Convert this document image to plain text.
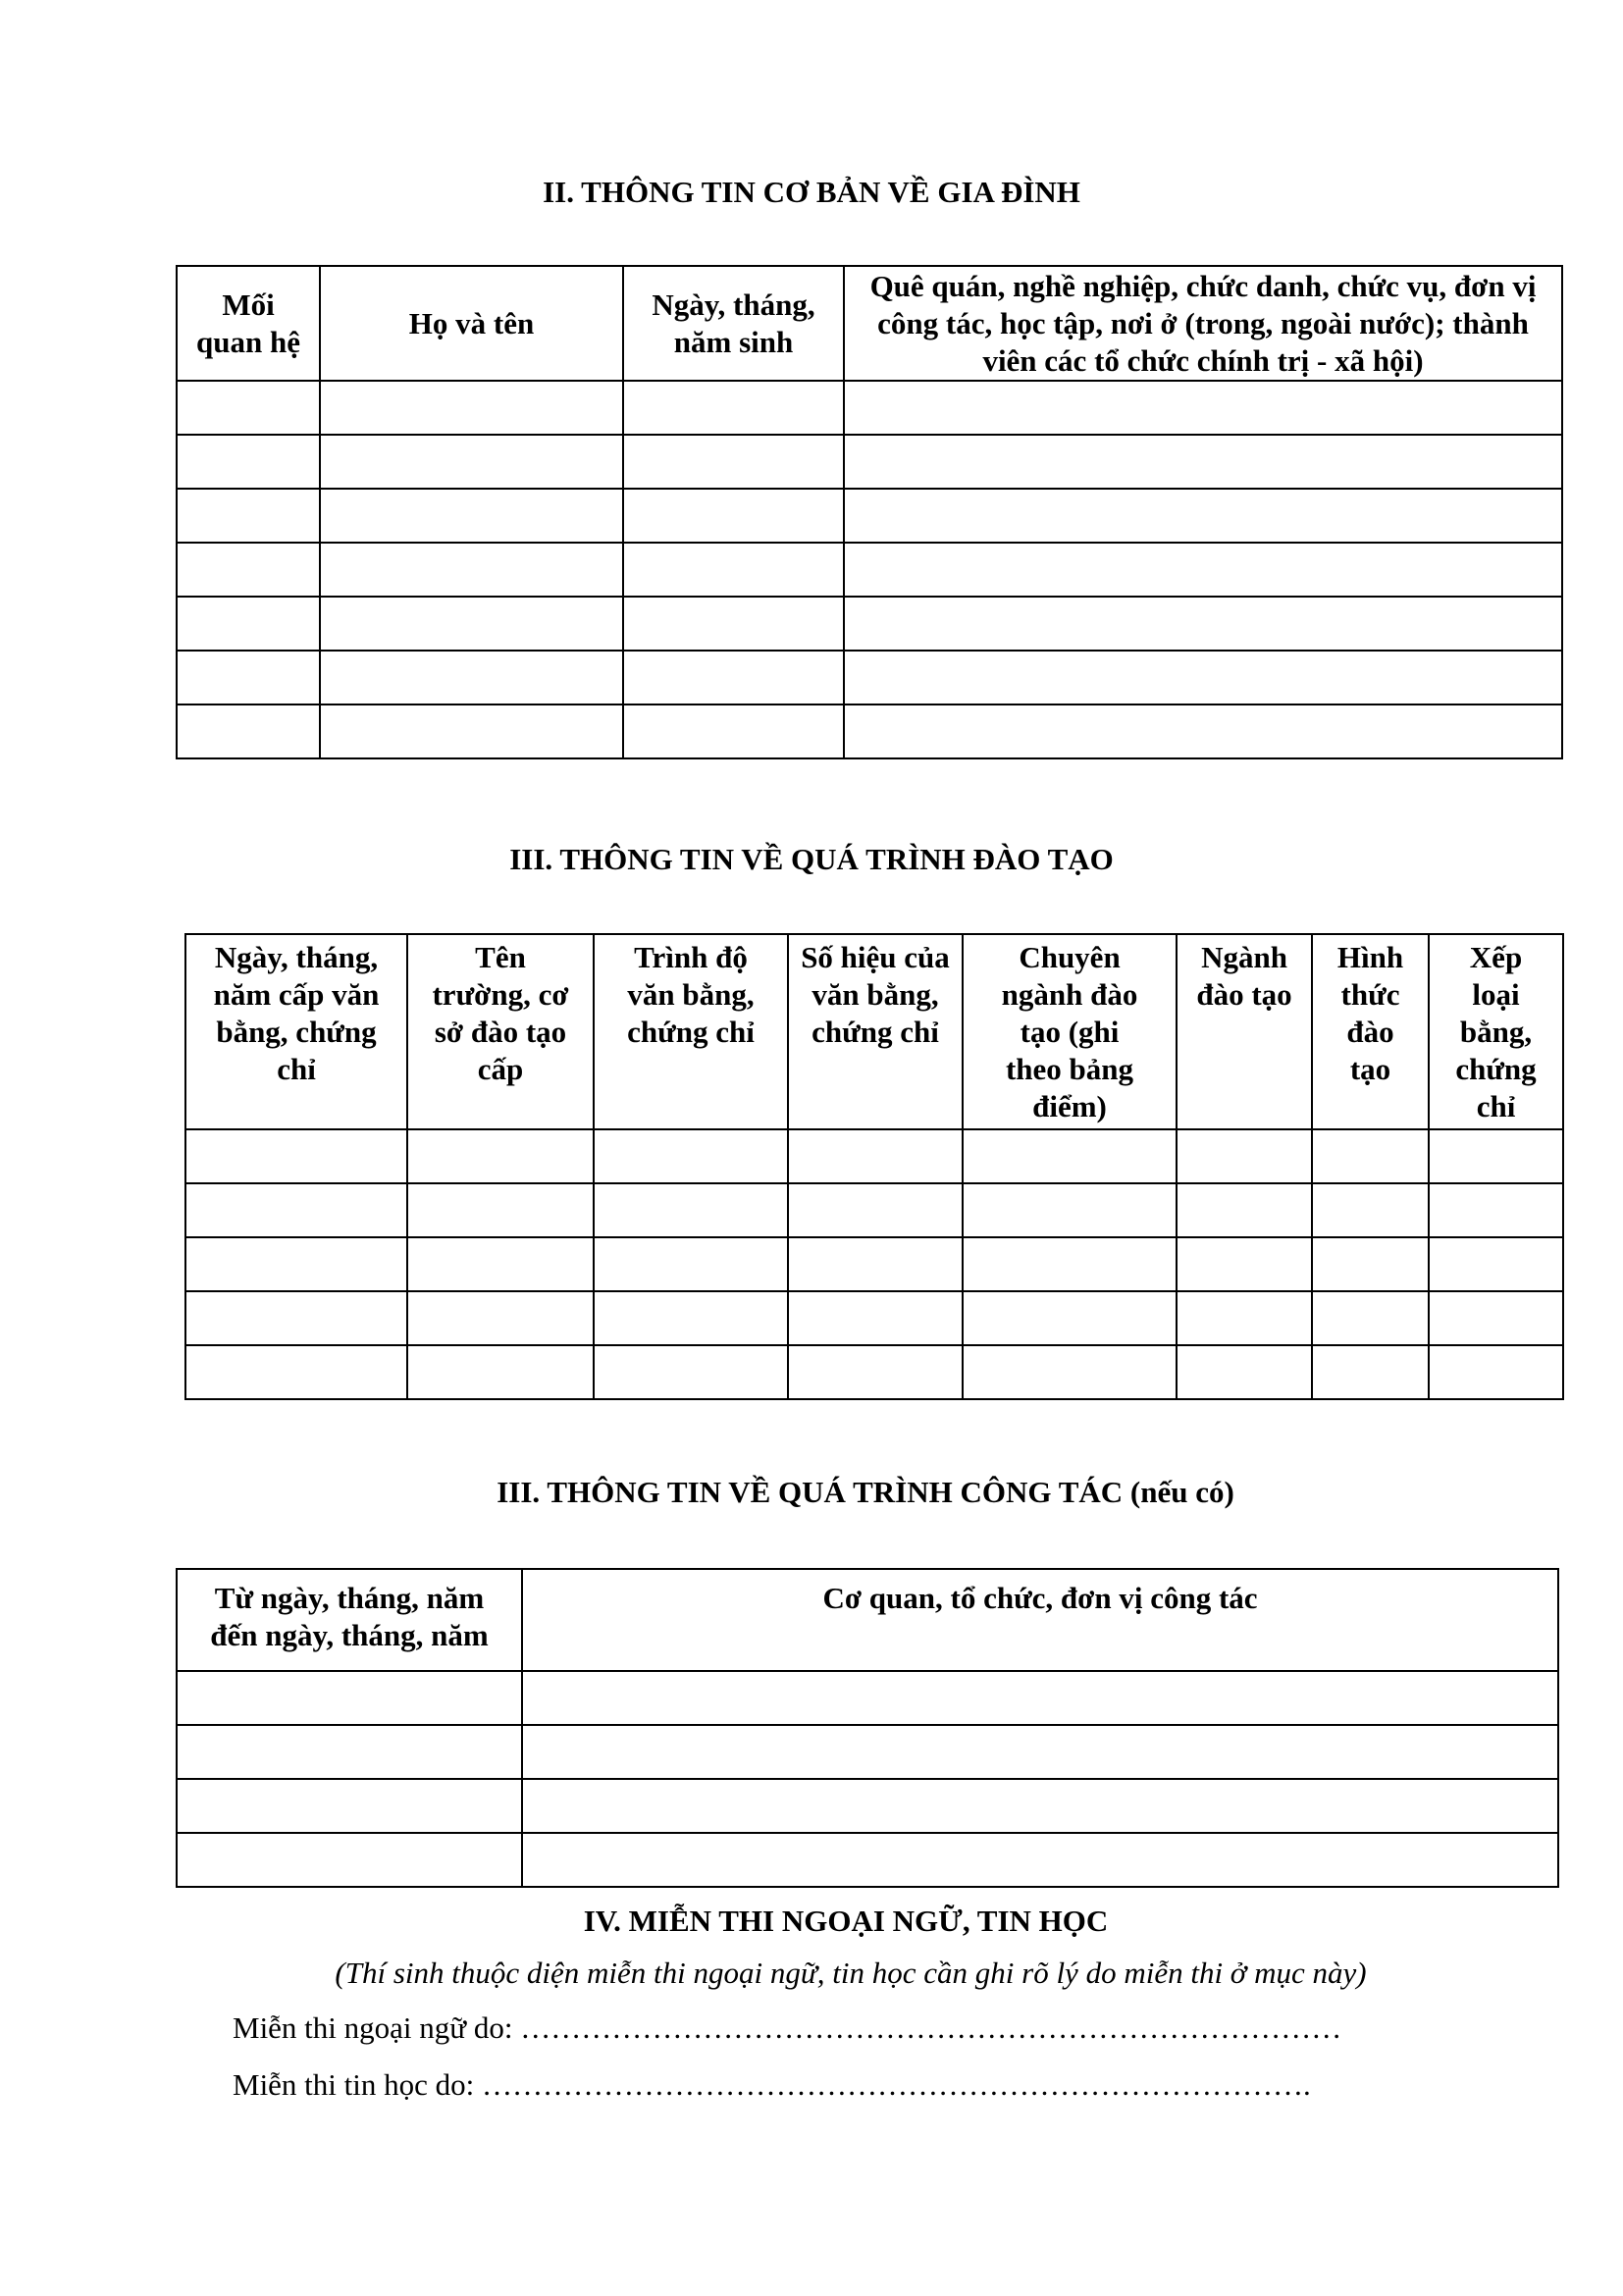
II. THÔNG TIN CƠ BẢN VỀ GIA ĐÌNH
Mối quan hệ	Họ và tên	Ngày, tháng, năm sinh	Quê quán, nghề nghiệp, chức danh, chức vụ, đơn vị công tác, học tập, nơi ở (trong, ngoài nước); thành viên các tổ chức chính trị - xã hội)

III. THÔNG TIN VỀ QUÁ TRÌNH ĐÀO TẠO
Ngày, tháng, năm cấp văn bằng, chứng chỉ	Tên trường, cơ sở đào tạo cấp	Trình độ văn bằng, chứng chỉ	Số hiệu của văn bằng, chứng chỉ	Chuyên ngành đào tạo (ghi theo bảng điểm)	Ngành đào tạo	Hình thức đào tạo	Xếp loại bằng, chứng chỉ

III. THÔNG TIN VỀ QUÁ TRÌNH CÔNG TÁC (nếu có)
Từ ngày, tháng, năm đến ngày, tháng, năm	Cơ quan, tổ chức, đơn vị công tác

IV. MIỄN THI NGOẠI NGỮ, TIN HỌC
(Thí sinh thuộc diện miễn thi ngoại ngữ, tin học cần ghi rõ lý do miễn thi ở mục này)
Miễn thi ngoại ngữ do: ………………………………………………………………………
Miễn thi tin học do: ……………………………………………………………………….
